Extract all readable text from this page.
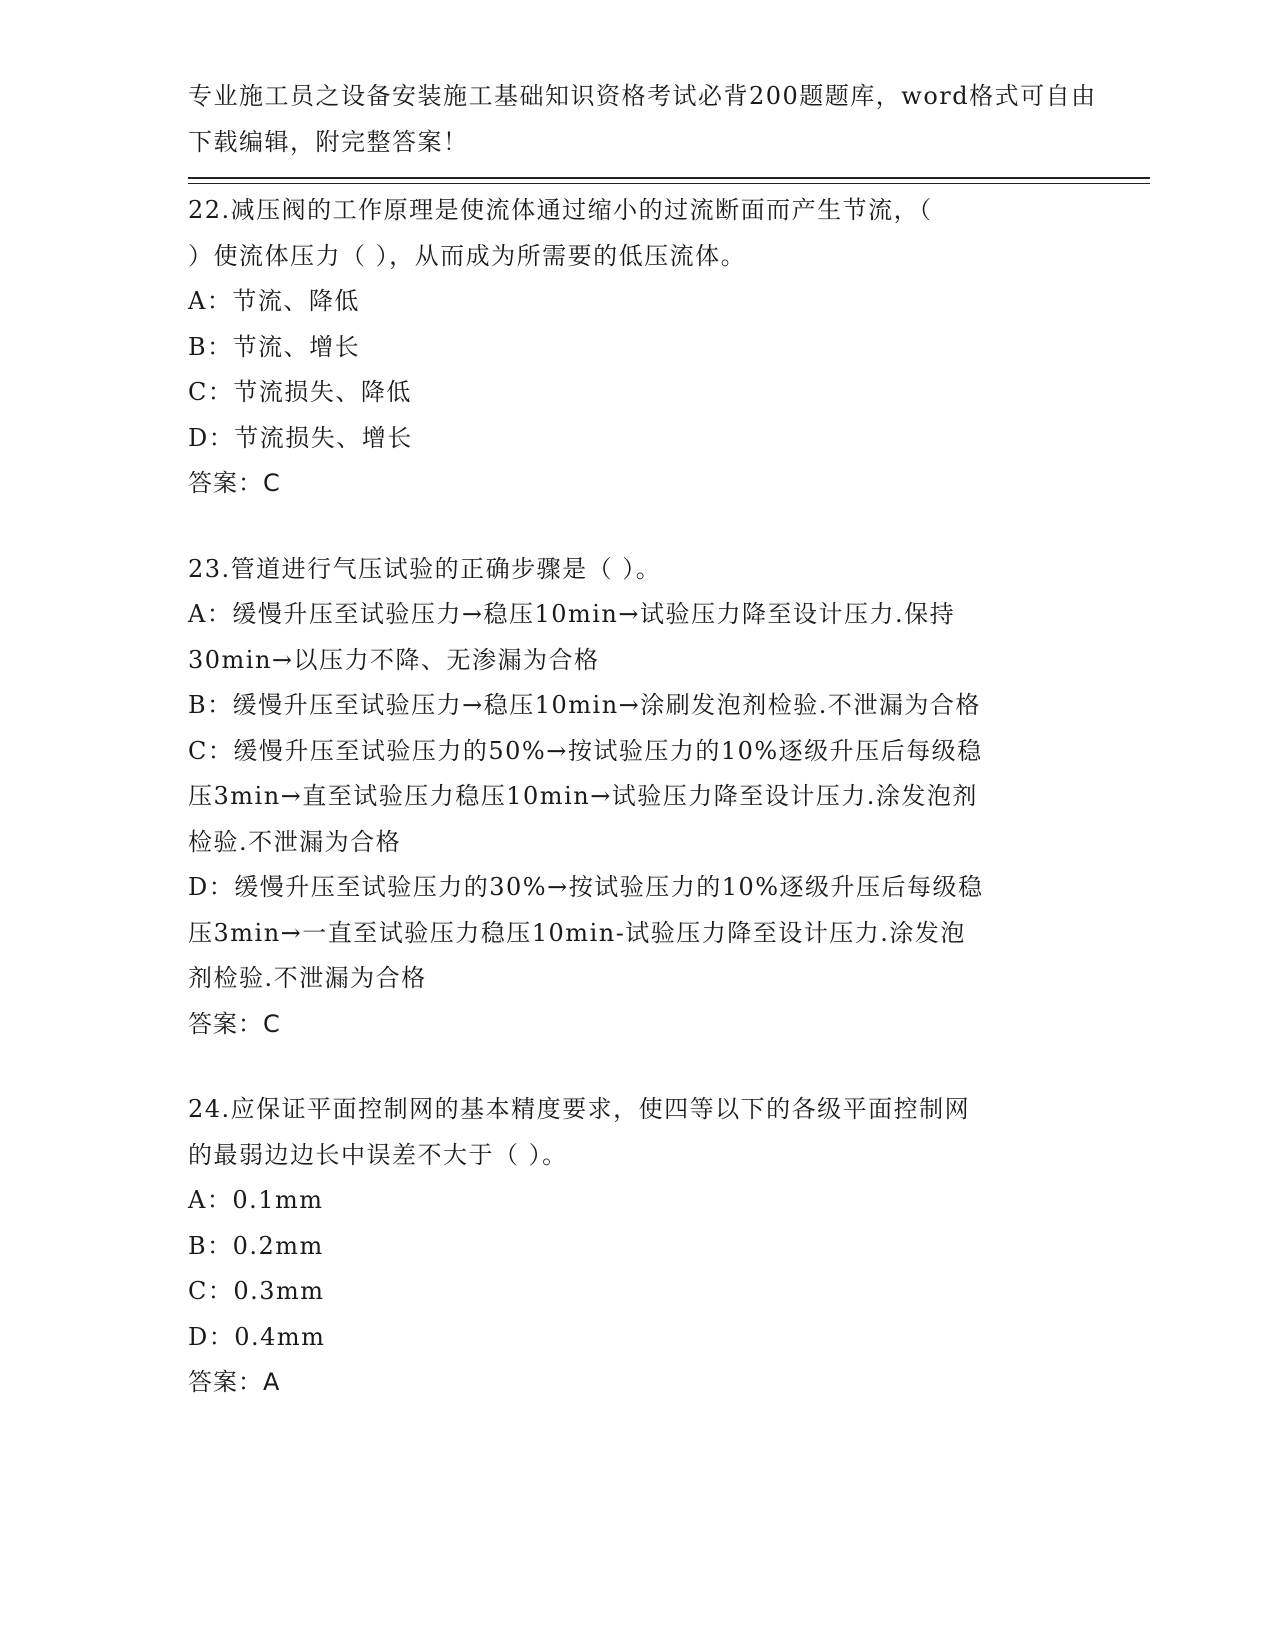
专业施工员之设备安装施工基础知识资格考试必背200题题库，word格式可自由
下载编辑，附完整答案！
22.减压阀的工作原理是使流体通过缩小的过流断面而产生节流，（
）使流体压力（ ），从而成为所需要的低压流体。
A：节流、降低
B：节流、增长
C：节流损失、降低
D：节流损失、增长
答案：C
23.管道进行气压试验的正确步骤是（ ）。
A：缓慢升压至试验压力→稳压10min→试验压力降至设计压力.保持
30min→以压力不降、无渗漏为合格
B：缓慢升压至试验压力→稳压10min→涂刷发泡剂检验.不泄漏为合格
C：缓慢升压至试验压力的50%→按试验压力的10%逐级升压后每级稳
压3min→直至试验压力稳压10min→试验压力降至设计压力.涂发泡剂
检验.不泄漏为合格
D：缓慢升压至试验压力的30%→按试验压力的10%逐级升压后每级稳
压3min→一直至试验压力稳压10min-试验压力降至设计压力.涂发泡
剂检验.不泄漏为合格
答案：C
24.应保证平面控制网的基本精度要求，使四等以下的各级平面控制网
的最弱边边长中误差不大于（ ）。
A：0.1mm
B：0.2mm
C：0.3mm
D：0.4mm
答案：A
